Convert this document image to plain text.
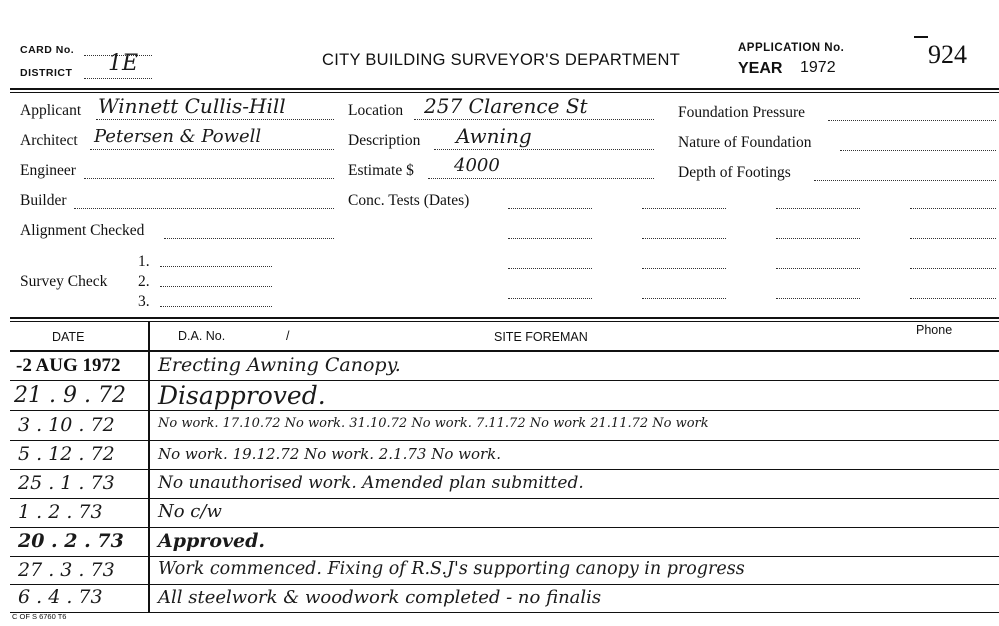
CARD No.
DISTRICT 1E	CITY BUILDING SURVEYOR'S DEPARTMENT
APPLICATION No.
YEAR 1972	924
Applicant Winnett Cullis-Hill
Architect Petersen & Powell
Engineer
Builder
Alignment Checked
Survey Check
1.
2.
3.
Location 257 Clarence St
Description Awning
Estimate $ 4000
Conc. Tests (Dates)
Foundation Pressure
Nature of Foundation
Depth of Footings
DATE	D.A. No.	/	SITE FOREMAN	Phone
-2 AUG 1972 Erecting Awning Canopy.
21 . 9 . 72 Disapproved.
3 . 10 . 72	No work. 17.10.72 No work. 31.10.72 No work. 7.11.72 No work 21.11.72 No work
5 . 12 . 72	No work. 19.12.72 No work. 2.1.73 No work.
25 . 1 . 73	No unauthorised work. Amended plan submitted.
1 . 2 . 73	No c/w
20 . 2 . 73 Approved.
27 . 3 . 73 Work commenced. Fixing of R.S.J's supporting canopy in progress
6 . 4 . 73	All steelwork & woodwork completed - no finalis
C OF S 6760 T6
